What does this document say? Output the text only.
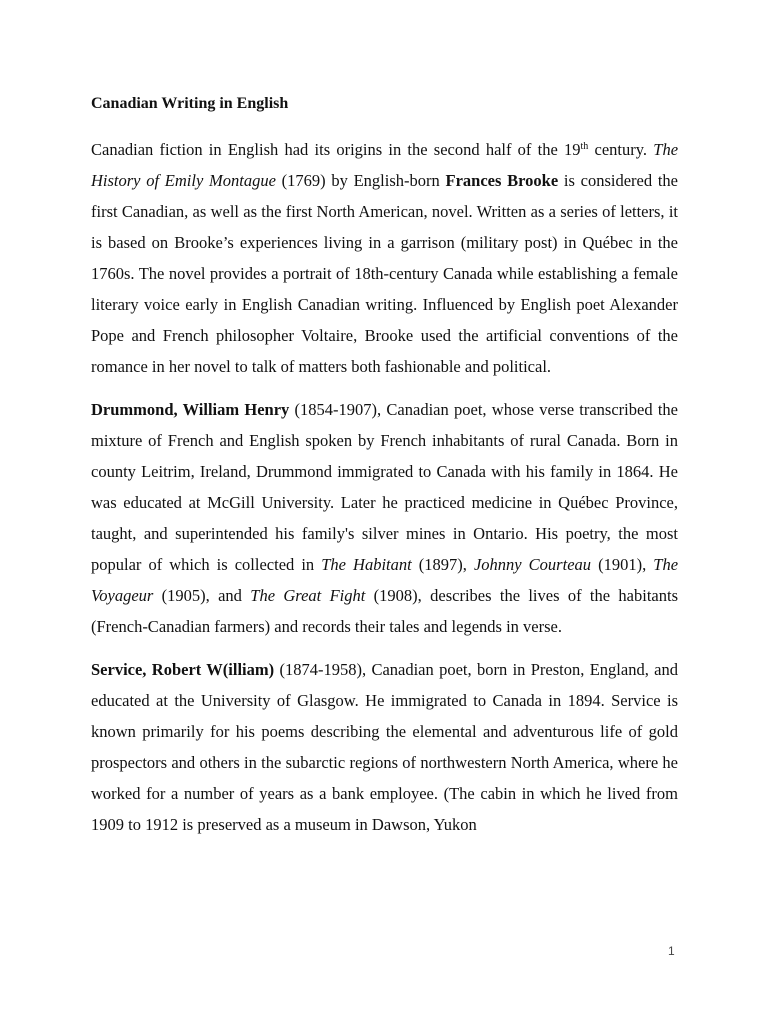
Canadian Writing in English
Canadian fiction in English had its origins in the second half of the 19th century. The History of Emily Montague (1769) by English-born Frances Brooke is considered the first Canadian, as well as the first North American, novel. Written as a series of letters, it is based on Brooke’s experiences living in a garrison (military post) in Québec in the 1760s. The novel provides a portrait of 18th-century Canada while establishing a female literary voice early in English Canadian writing. Influenced by English poet Alexander Pope and French philosopher Voltaire, Brooke used the artificial conventions of the romance in her novel to talk of matters both fashionable and political.
Drummond, William Henry (1854-1907), Canadian poet, whose verse transcribed the mixture of French and English spoken by French inhabitants of rural Canada. Born in county Leitrim, Ireland, Drummond immigrated to Canada with his family in 1864. He was educated at McGill University. Later he practiced medicine in Québec Province, taught, and superintended his family's silver mines in Ontario. His poetry, the most popular of which is collected in The Habitant (1897), Johnny Courteau (1901), The Voyageur (1905), and The Great Fight (1908), describes the lives of the habitants (French-Canadian farmers) and records their tales and legends in verse.
Service, Robert W(illiam) (1874-1958), Canadian poet, born in Preston, England, and educated at the University of Glasgow. He immigrated to Canada in 1894. Service is known primarily for his poems describing the elemental and adventurous life of gold prospectors and others in the subarctic regions of northwestern North America, where he worked for a number of years as a bank employee. (The cabin in which he lived from 1909 to 1912 is preserved as a museum in Dawson, Yukon
1
